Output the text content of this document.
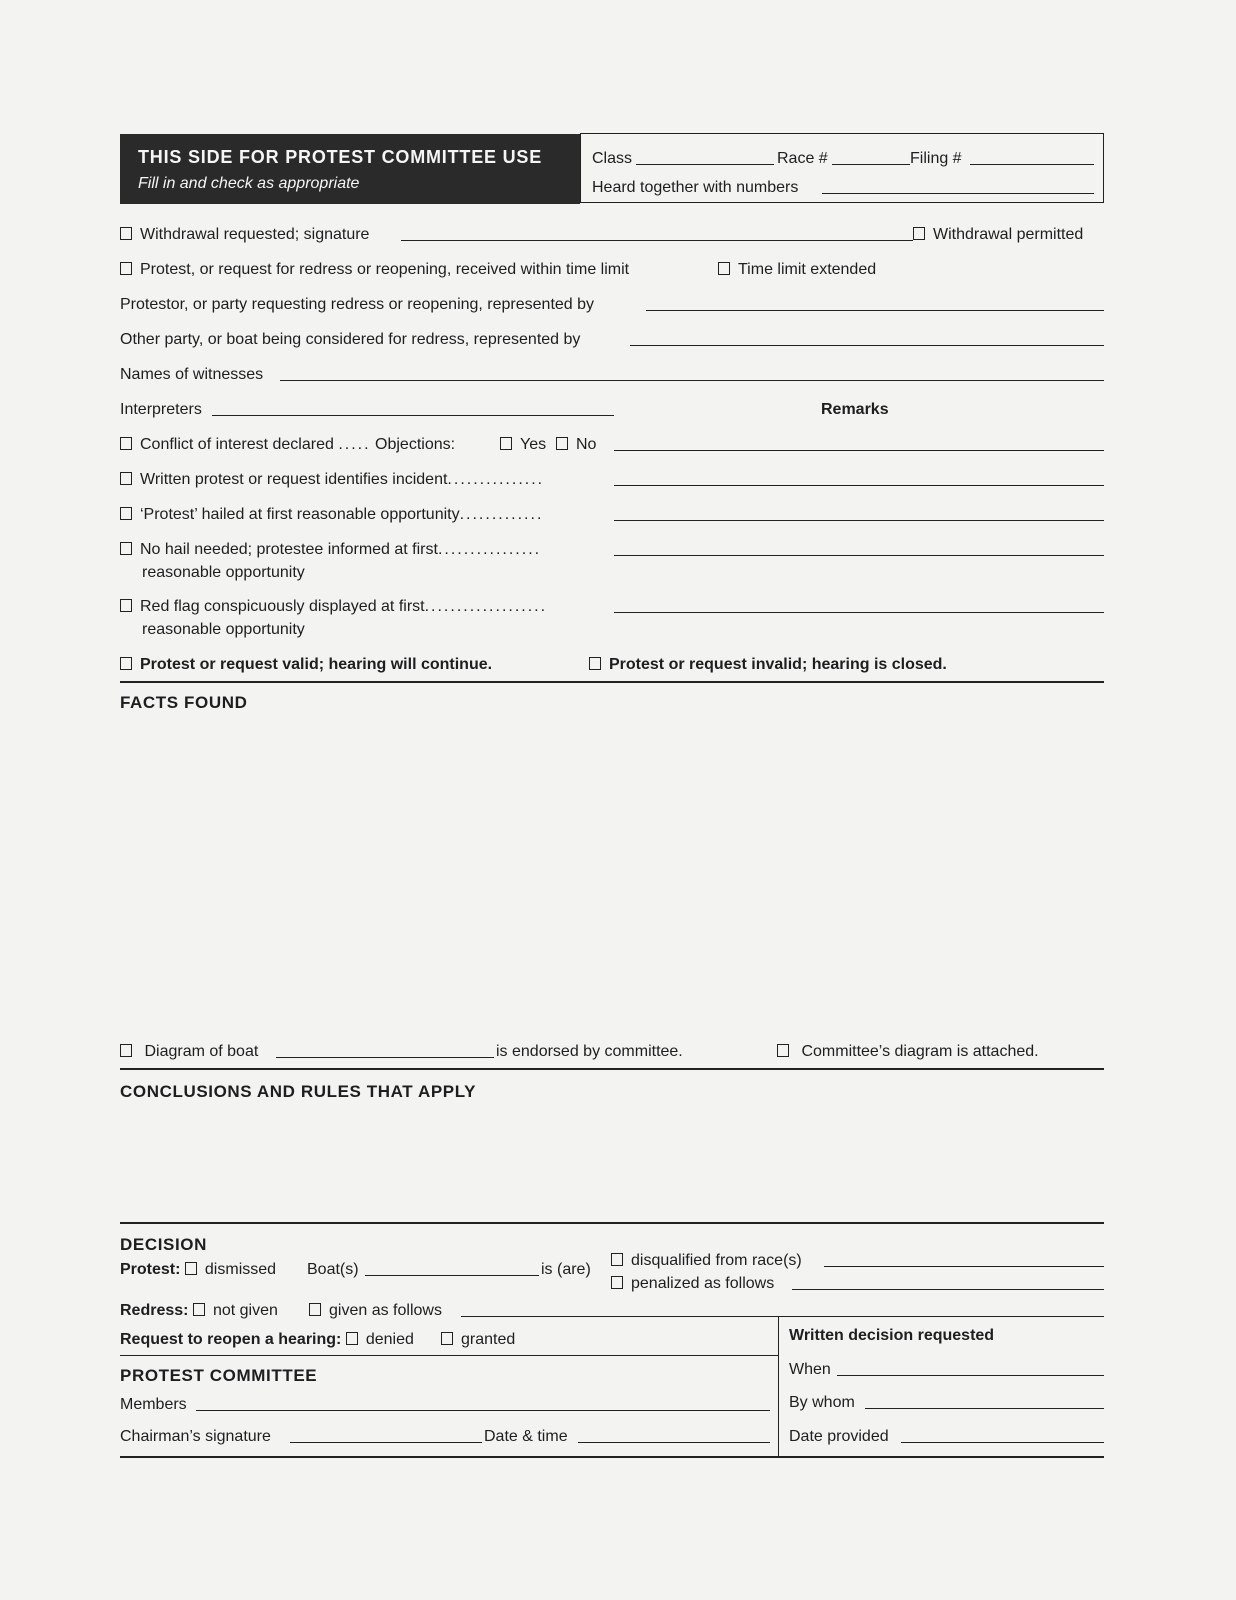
THIS SIDE FOR PROTEST COMMITTEE USE
Fill in and check as appropriate
Class	Race #	Filing #
Heard together with numbers
Withdrawal requested; signature	Withdrawal permitted
Protest, or request for redress or reopening, received within time limit	Time limit extended
Protestor, or party requesting redress or reopening, represented by
Other party, or boat being considered for redress, represented by
Names of witnesses
Interpreters	Remarks
Conflict of interest declared ..... Objections:	Yes	No
Written protest or request identifies incident...............
‘Protest’ hailed at first reasonable opportunity.............
No hail needed; protestee informed at first................
reasonable opportunity
Red flag conspicuously displayed at first...................
reasonable opportunity
Protest or request valid; hearing will continue.	Protest or request invalid; hearing is closed.
FACTS FOUND
Diagram of boat	is endorsed by committee.	Committee’s diagram is attached.
CONCLUSIONS AND RULES THAT APPLY
DECISION
Protest: dismissed Boat(s)	is (are)
disqualified from race(s)
penalized as follows
Redress: not given	given as follows
Request to reopen a hearing: denied	granted
PROTEST COMMITTEE
Members
Chairman’s signature	Date & time
Written decision requested
When
By whom
Date provided
